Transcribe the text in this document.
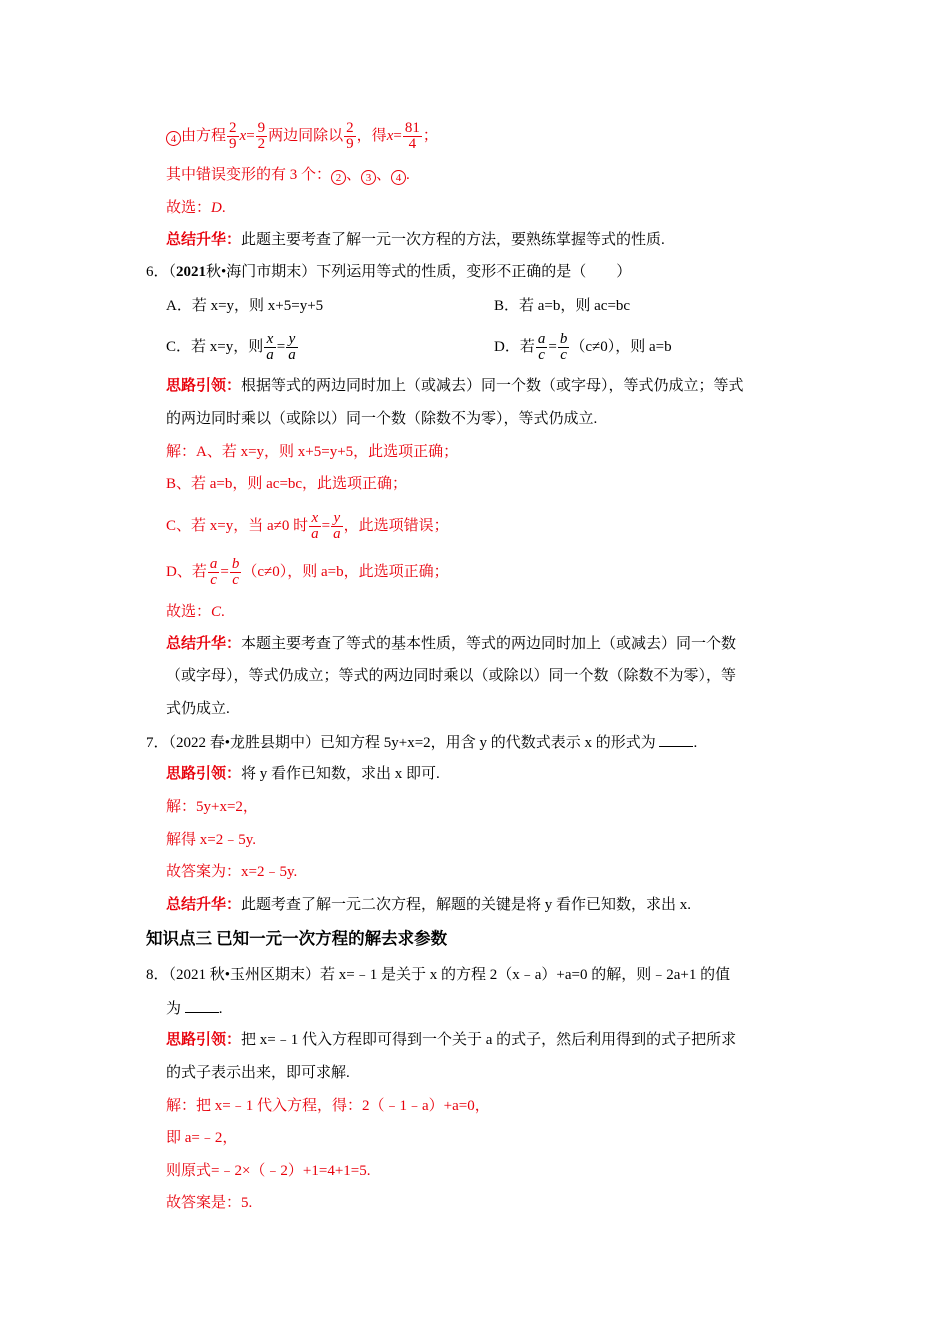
4 由方程 $\frac{2}{9} x= \frac{9}{2}$ 两边同除以 $\frac{2}{9}$ ，得$x= \frac{81}{4}$ ；
其中错误变形的有 3 个： 2 、 3 、 4 .
故选：D.
总结升华：此题主要考查了解一元一次方程的方法，要熟练掌握等式的性质.
6．（2021秋•海门市期末）下列运用等式的性质，变形不正确的是（　　）
A．若 x=y，则 x+5=y+5	B．若 a=b，则 ac=bc
C．若 x=y，则 $\frac{x}{a} = \frac{y}{a}$	D．若 $\frac{a}{c} = \frac{b}{c} (c\ne 0)$，则 a=b
思路引领：根据等式的两边同时加上（或减去）同一个数（或字母），等式仍成立；等式
的两边同时乘以（或除以）同一个数（除数不为零），等式仍成立.
解：A、若 x=y，则 x+5=y+5，此选项正确；
B、若 a=b，则 ac=bc，此选项正确；
C、若 x=y，当 a≠0 时 $\frac{x}{a} = \frac{y}{a}$ ，此选项错误；
D、若 $\frac{a}{c} = \frac{b}{c} (c\ne 0)$，则 a=b，此选项正确；
故选：C.
总结升华：本题主要考查了等式的基本性质，等式的两边同时加上（或减去）同一个数
（或字母），等式仍成立；等式的两边同时乘以（或除以）同一个数（除数不为零），等
式仍成立.
7．（2022 春•龙胜县期中）已知方程 5y+x=2，用含 y 的代数式表示 x 的形式为	.
思路引领：将 y 看作已知数，求出 x 即可.
解：5y+x=2，
解得 x=2﹣5y.
故答案为：x=2﹣5y.
总结升华：此题考查了解一元二次方程，解题的关键是将 y 看作已知数，求出 x.
知识点三 已知一元一次方程的解去求参数
8．（2021 秋•玉州区期末）若 x=﹣1 是关于 x 的方程 2（x﹣a）+a=0 的解，则﹣2a+1 的值
为	.
思路引领：把 x=﹣1 代入方程即可得到一个关于 a 的式子，然后利用得到的式子把所求
的式子表示出来，即可求解.
解：把 x=﹣1 代入方程，得：2（﹣1﹣a）+a=0，
即 a=﹣2，
则原式=﹣2×（﹣2）+1=4+1=5.
故答案是：5.
